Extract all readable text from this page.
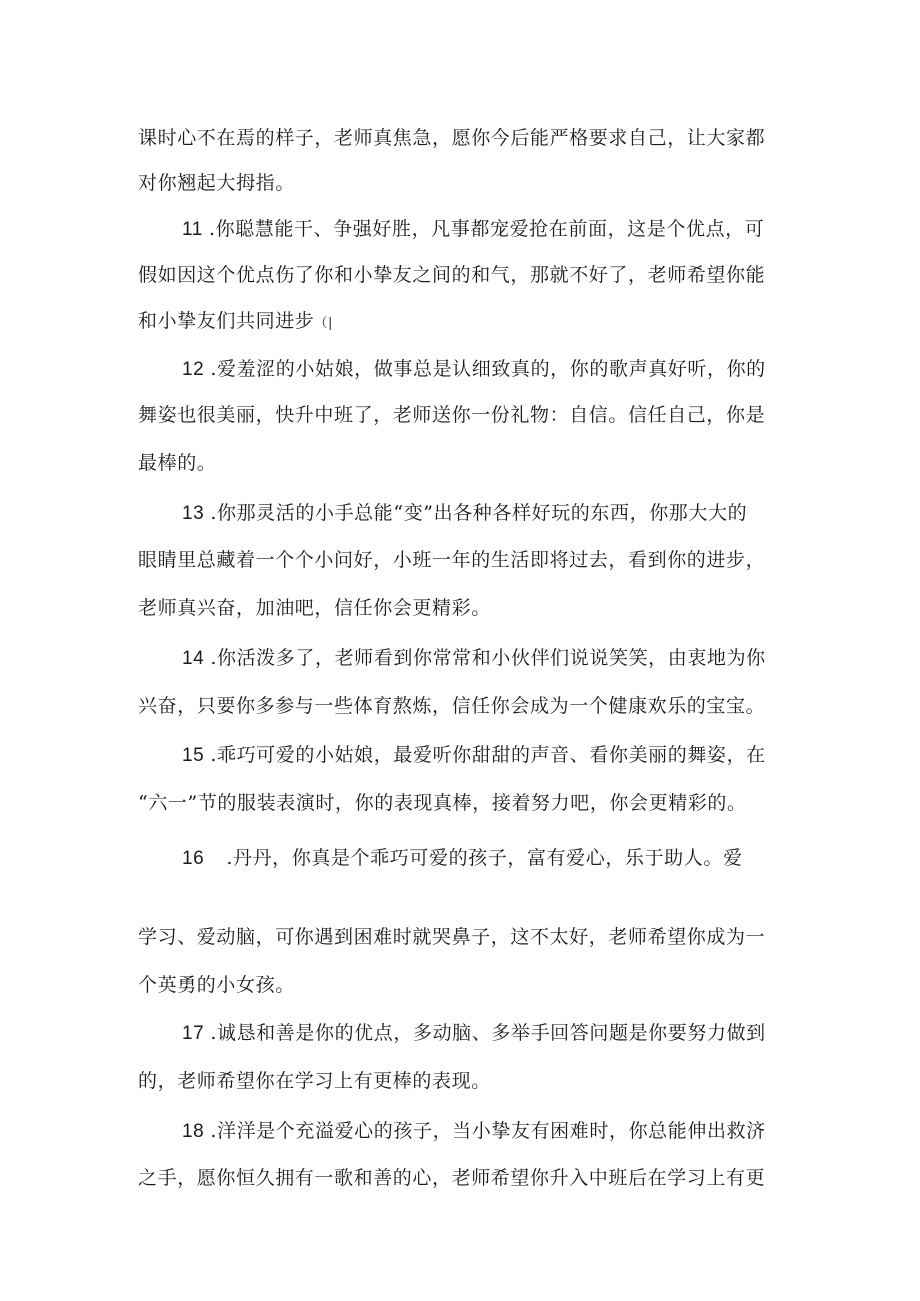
课时心不在焉的样子，老师真焦急，愿你今后能严格要求自己，让大家都
对你翘起大拇指。
11 .你聪慧能干、争强好胜，凡事都宠爱抢在前面，这是个优点，可
假如因这个优点伤了你和小挚友之间的和气，那就不好了，老师希望你能
和小挚友们共同进步（|
12 .爱羞涩的小姑娘，做事总是认细致真的，你的歌声真好听，你的
舞姿也很美丽，快升中班了，老师送你一份礼物：自信。信任自己，你是
最棒的。
13 .你那灵活的小手总能“变”出各种各样好玩的东西，你那大大的
眼睛里总藏着一个个小问好，小班一年的生活即将过去，看到你的进步，
老师真兴奋，加油吧，信任你会更精彩。
14 .你活泼多了，老师看到你常常和小伙伴们说说笑笑，由衷地为你
兴奋，只要你多参与一些体育熬炼，信任你会成为一个健康欢乐的宝宝。
15 .乖巧可爱的小姑娘，最爱听你甜甜的声音、看你美丽的舞姿，在
“六一”节的服装表演时，你的表现真棒，接着努力吧，你会更精彩的。
16 .丹丹，你真是个乖巧可爱的孩子，富有爱心，乐于助人。爱
学习、爱动脑，可你遇到困难时就哭鼻子，这不太好，老师希望你成为一
个英勇的小女孩。
17 .诚恳和善是你的优点，多动脑、多举手回答问题是你要努力做到
的，老师希望你在学习上有更棒的表现。
18 .洋洋是个充溢爱心的孩子，当小挚友有困难时，你总能伸出救济
之手，愿你恒久拥有一歌和善的心，老师希望你升入中班后在学习上有更
